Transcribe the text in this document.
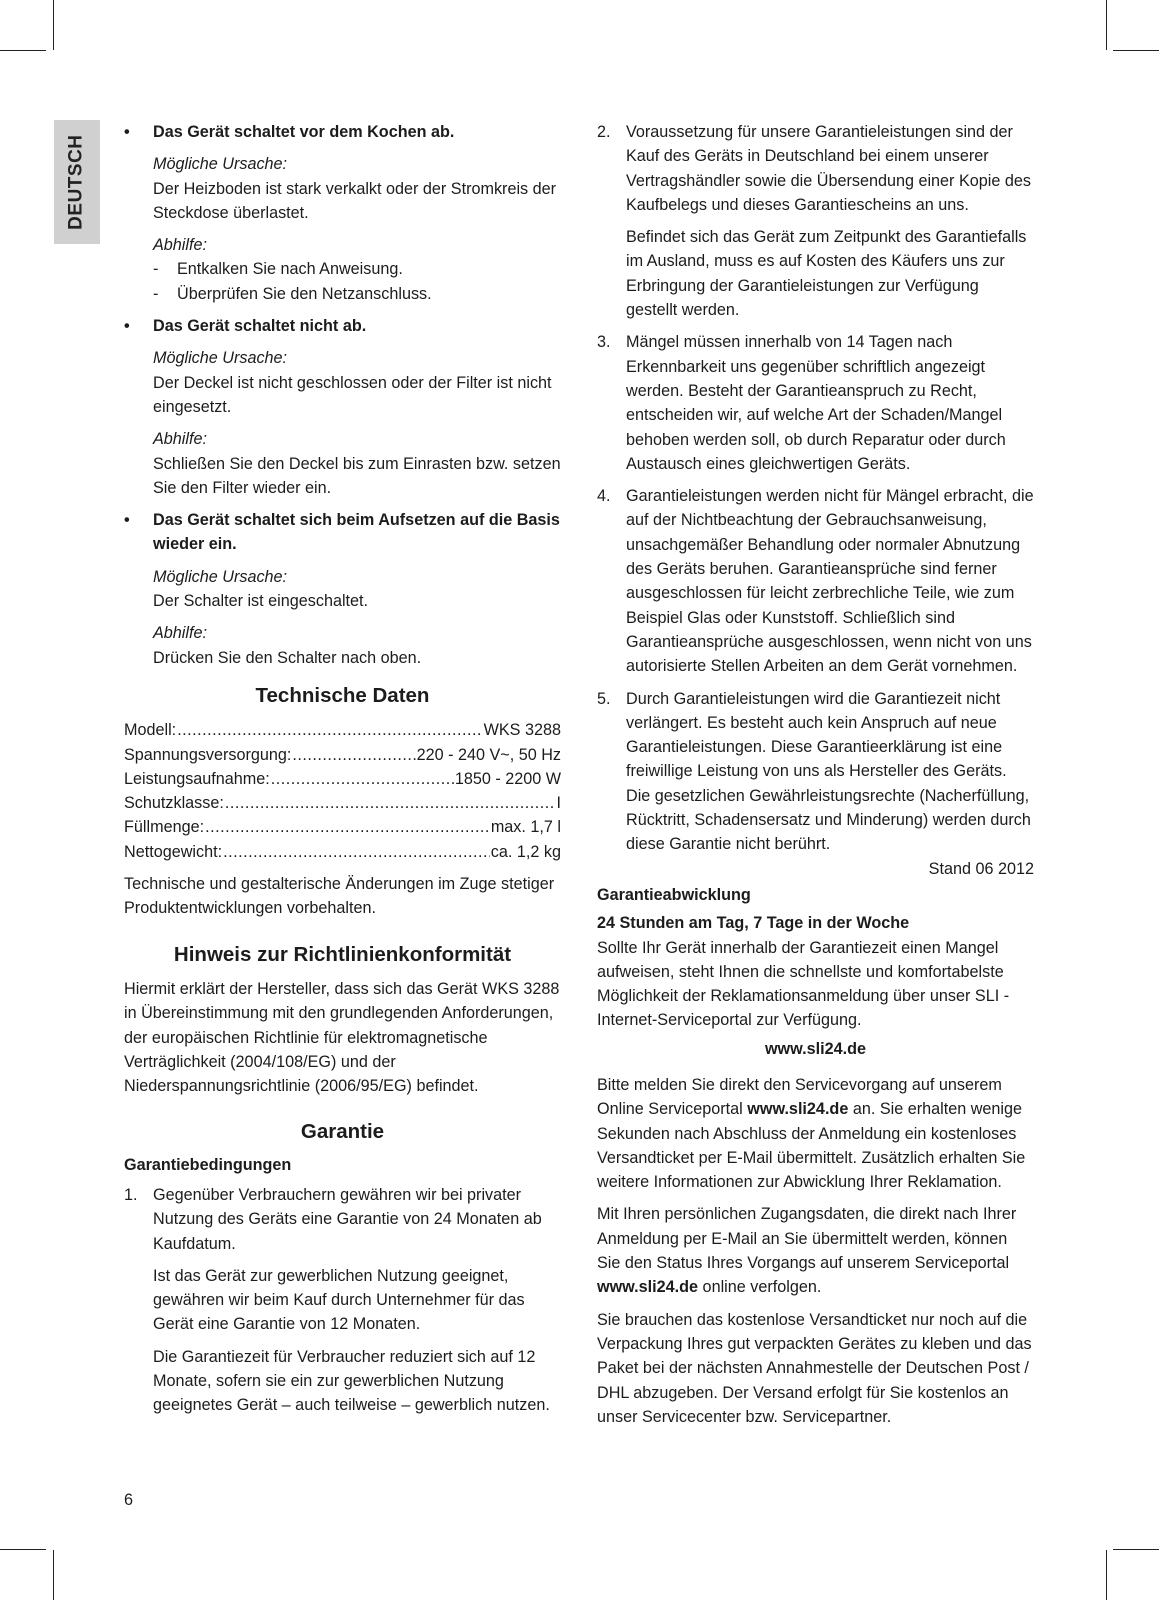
DEUTSCH
• Das Gerät schaltet vor dem Kochen ab.

Mögliche Ursache:

Der Heizboden ist stark verkalkt oder der Stromkreis der Steckdose überlastet.

Abhilfe:

- Entkalken Sie nach Anweisung.
- Überprüfen Sie den Netzanschluss.
• Das Gerät schaltet nicht ab.

Mögliche Ursache:

Der Deckel ist nicht geschlossen oder der Filter ist nicht eingesetzt.

Abhilfe:

Schließen Sie den Deckel bis zum Einrasten bzw. setzen Sie den Filter wieder ein.

• Das Gerät schaltet sich beim Aufsetzen auf die Basis wieder ein.

Mögliche Ursache:

Der Schalter ist eingeschaltet.

Abhilfe:

Drücken Sie den Schalter nach oben.

Technische Daten
Modell: .....	WKS 3288
Spannungsversorgung: .....	220 - 240 V~, 50 Hz
Leistungsaufnahme: .....	1850 - 2200 W
Schutzklasse: .....	I
Füllmenge: .....	max. 1,7 l
Nettogewicht: .....	ca. 1,2 kg

Technische und gestalterische Änderungen im Zuge stetiger Produktentwicklungen vorbehalten.

Hinweis zur Richtlinienkonformität

Hiermit erklärt der Hersteller, dass sich das Gerät WKS 3288 in Übereinstimmung mit den grundlegenden Anforderungen, der europäischen Richtlinie für elektromagnetische Verträglichkeit (2004/108/EG) und der Niederspannungsrichtlinie (2006/95/EG) befindet.

Garantie

Garantiebedingungen

1. Gegenüber Verbrauchern gewähren wir bei privater Nutzung des Geräts eine Garantie von 24 Monaten ab Kaufdatum.

Ist das Gerät zur gewerblichen Nutzung geeignet, gewähren wir beim Kauf durch Unternehmer für das Gerät eine Garantie von 12 Monaten.

Die Garantiezeit für Verbraucher reduziert sich auf 12 Monate, sofern sie ein zur gewerblichen Nutzung geeignetes Gerät – auch teilweise – gewerblich nutzen.

2. Voraussetzung für unsere Garantieleistungen sind der Kauf des Geräts in Deutschland bei einem unserer Vertragshändler sowie die Übersendung einer Kopie des Kaufbelegs und dieses Garantiescheins an uns.

Befindet sich das Gerät zum Zeitpunkt des Garantiefalls im Ausland, muss es auf Kosten des Käufers uns zur Erbringung der Garantieleistungen zur Verfügung gestellt werden.

3. Mängel müssen innerhalb von 14 Tagen nach Erkennbarkeit uns gegenüber schriftlich angezeigt werden. Besteht der Garantieanspruch zu Recht, entscheiden wir, auf welche Art der Schaden/Mangel behoben werden soll, ob durch Reparatur oder durch Austausch eines gleichwertigen Geräts.

4. Garantieleistungen werden nicht für Mängel erbracht, die auf der Nichtbeachtung der Gebrauchsanweisung, unsachgemäßer Behandlung oder normaler Abnutzung des Geräts beruhen. Garantieansprüche sind ferner ausgeschlossen für leicht zerbrechliche Teile, wie zum Beispiel Glas oder Kunststoff. Schließlich sind Garantieansprüche ausgeschlossen, wenn nicht von uns autorisierte Stellen Arbeiten an dem Gerät vornehmen.

5. Durch Garantieleistungen wird die Garantiezeit nicht verlängert. Es besteht auch kein Anspruch auf neue Garantieleistungen. Diese Garantieerklärung ist eine freiwillige Leistung von uns als Hersteller des Geräts. Die gesetzlichen Gewährleistungsrechte (Nacherfüllung, Rücktritt, Schadensersatz und Minderung) werden durch diese Garantie nicht berührt.

Stand 06 2012

Garantieabwicklung

24 Stunden am Tag, 7 Tage in der Woche

Sollte Ihr Gerät innerhalb der Garantiezeit einen Mangel aufweisen, steht Ihnen die schnellste und komfortabelste Möglichkeit der Reklamationsanmeldung über unser SLI - Internet-Serviceportal zur Verfügung.

www.sli24.de

Bitte melden Sie direkt den Servicevorgang auf unserem Online Serviceportal www.sli24.de an. Sie erhalten wenige Sekunden nach Abschluss der Anmeldung ein kostenloses Versandticket per E-Mail übermittelt. Zusätzlich erhalten Sie weitere Informationen zur Abwicklung Ihrer Reklamation.

Mit Ihren persönlichen Zugangsdaten, die direkt nach Ihrer Anmeldung per E-Mail an Sie übermittelt werden, können Sie den Status Ihres Vorgangs auf unserem Serviceportal www.sli24.de online verfolgen.

Sie brauchen das kostenlose Versandticket nur noch auf die Verpackung Ihres gut verpackten Gerätes zu kleben und das Paket bei der nächsten Annahmestelle der Deutschen Post / DHL abzugeben. Der Versand erfolgt für Sie kostenlos an unser Servicecenter bzw. Servicepartner.

6
